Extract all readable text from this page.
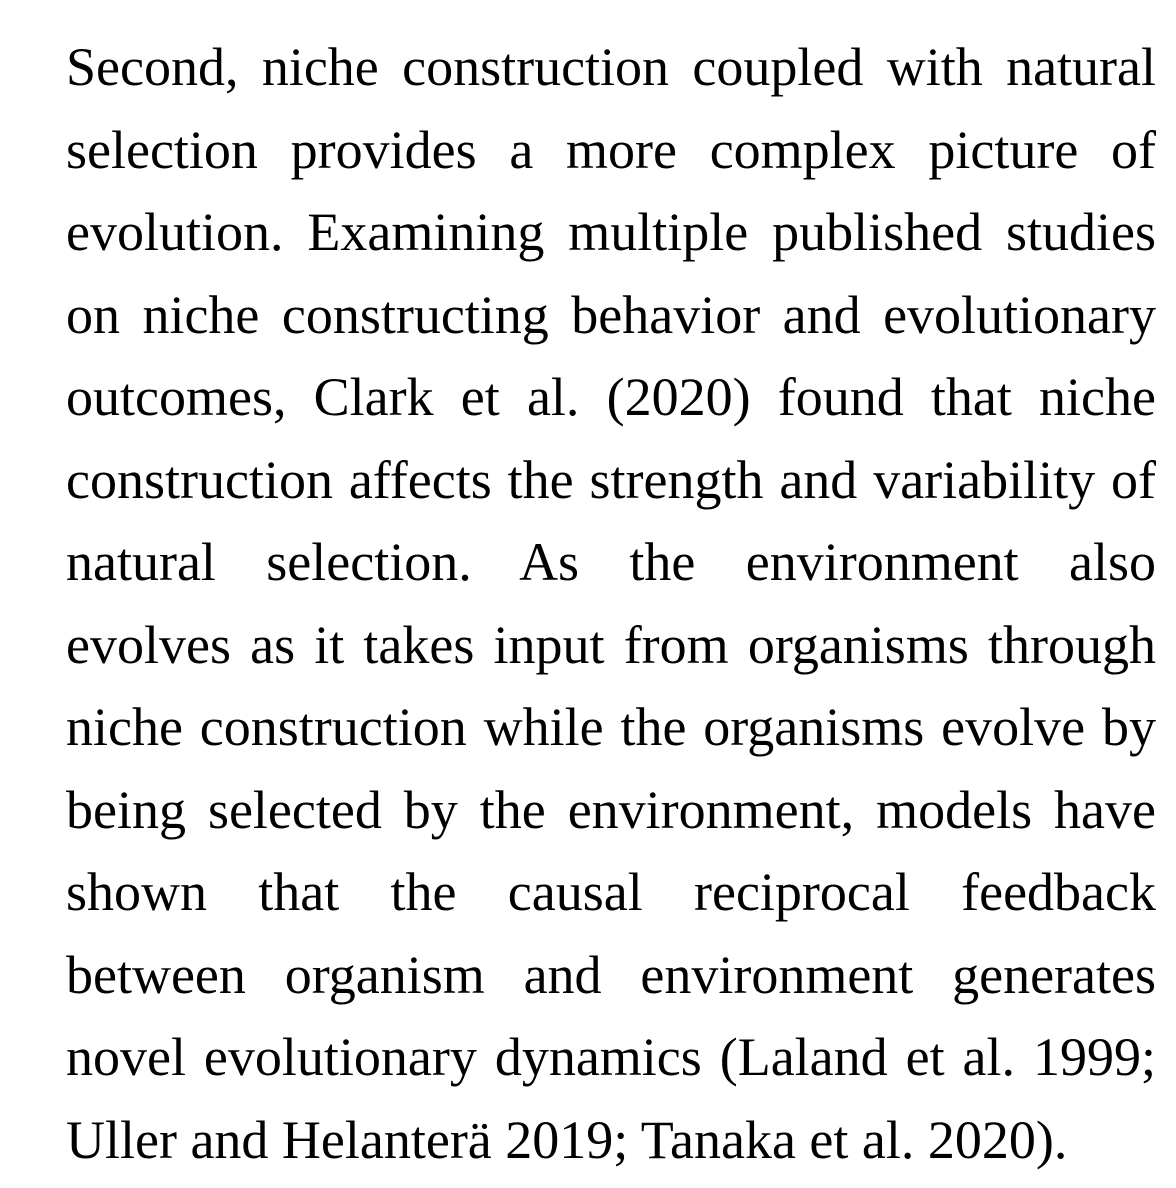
Second, niche construction coupled with natural
selection provides a more complex picture of
evolution. Examining multiple published studies
on niche constructing behavior and evolutionary
outcomes, Clark et al. (2020) found that niche
construction affects the strength and variability of
natural selection. As the environment also
evolves as it takes input from organisms through
niche construction while the organisms evolve by
being selected by the environment, models have
shown that the causal reciprocal feedback
between organism and environment generates
novel evolutionary dynamics (Laland et al. 1999;
Uller and Helanterä 2019; Tanaka et al. 2020).
